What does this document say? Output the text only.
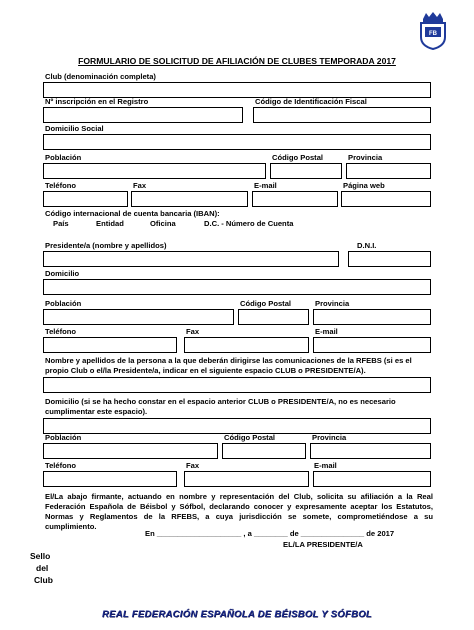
FB
FORMULARIO DE SOLICITUD DE AFILIACIÓN DE CLUBES TEMPORADA 2017
Club (denominación completa)
Nº inscripción en el Registro	Código de Identificación Fiscal
Domicilio Social
Población	Código Postal	Provincia
Teléfono	Fax	E-mail	Página web
Código internacional de cuenta bancaria (IBAN):
País	Entidad	Oficina	D.C. - Número de Cuenta
Presidente/a (nombre y apellidos)	D.N.I.
Domicilio
Población	Código Postal	Provincia
Teléfono	Fax	E-mail
Nombre y apellidos de la persona a la que deberán dirigirse las comunicaciones de la RFEBS (si es el propio Club o el/la Presidente/a, indicar en el siguiente espacio CLUB o PRESIDENTE/A).
Domicilio (si se ha hecho constar en el espacio anterior CLUB o PRESIDENTE/A, no es necesario cumplimentar este espacio).
Población	Código Postal	Provincia
Teléfono	Fax	E-mail
El/La abajo firmante, actuando en nombre y representación del Club, solicita su afiliación a la Real Federación Española de Béisbol y Sófbol, declarando conocer y expresamente aceptar los Estatutos, Normas y Reglamentos de la RFEBS, a cuya jurisdicción se somete, comprometiéndose a su cumplimiento.
En ____________________ , a ________ de _______________ de 2017
EL/LA PRESIDENTE/A
Sello
del
Club
REAL FEDERACIÓN ESPAÑOLA DE BÉISBOL Y SÓFBOL
